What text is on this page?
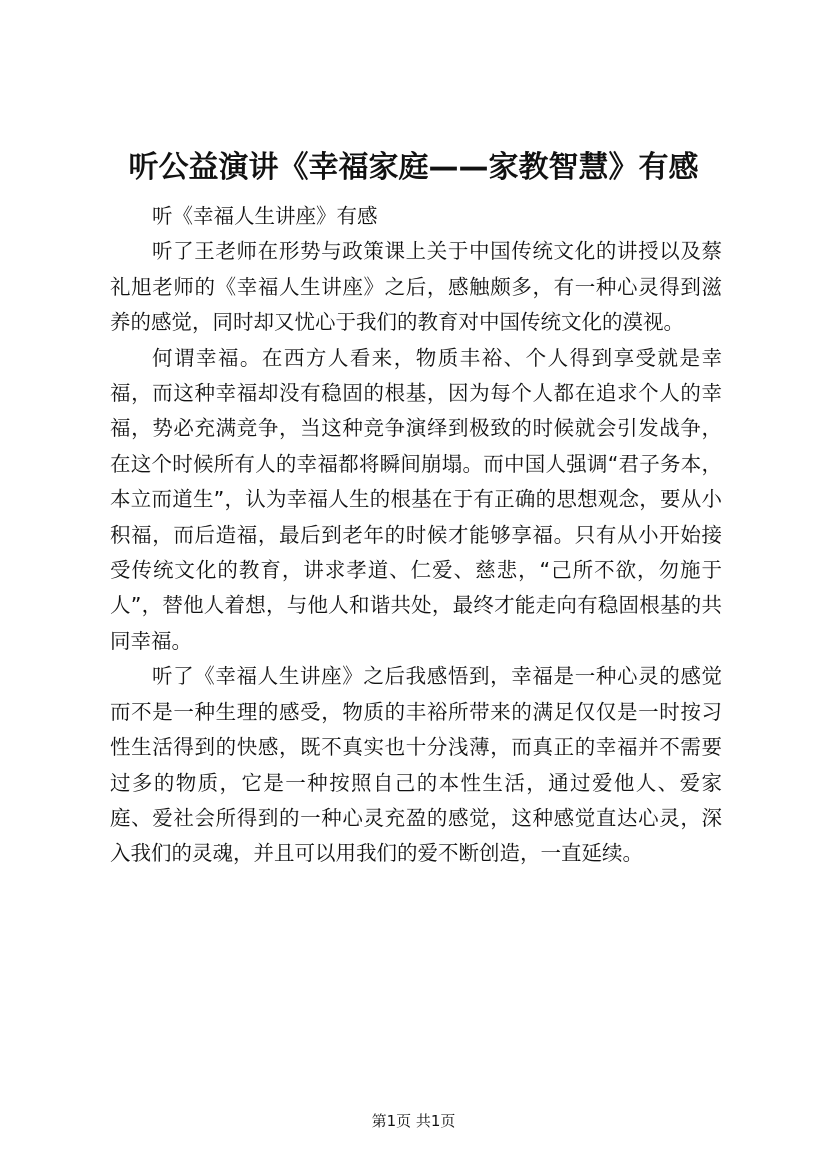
听公益演讲《幸福家庭——家教智慧》有感

听《幸福人生讲座》有感

听了王老师在形势与政策课上关于中国传统文化的讲授以及蔡礼旭老师的《幸福人生讲座》之后，感触颇多，有一种心灵得到滋养的感觉，同时却又忧心于我们的教育对中国传统文化的漠视。

何谓幸福。在西方人看来，物质丰裕、个人得到享受就是幸福，而这种幸福却没有稳固的根基，因为每个人都在追求个人的幸福，势必充满竞争，当这种竞争演绎到极致的时候就会引发战争，在这个时候所有人的幸福都将瞬间崩塌。而中国人强调“君子务本，本立而道生”，认为幸福人生的根基在于有正确的思想观念，要从小积福，而后造福，最后到老年的时候才能够享福。只有从小开始接受传统文化的教育，讲求孝道、仁爱、慈悲，“己所不欲，勿施于人”，替他人着想，与他人和谐共处，最终才能走向有稳固根基的共同幸福。

听了《幸福人生讲座》之后我感悟到，幸福是一种心灵的感觉而不是一种生理的感受，物质的丰裕所带来的满足仅仅是一时按习性生活得到的快感，既不真实也十分浅薄，而真正的幸福并不需要过多的物质，它是一种按照自己的本性生活，通过爱他人、爱家庭、爱社会所得到的一种心灵充盈的感觉，这种感觉直达心灵，深入我们的灵魂，并且可以用我们的爱不断创造，一直延续。

第1页 共1页
